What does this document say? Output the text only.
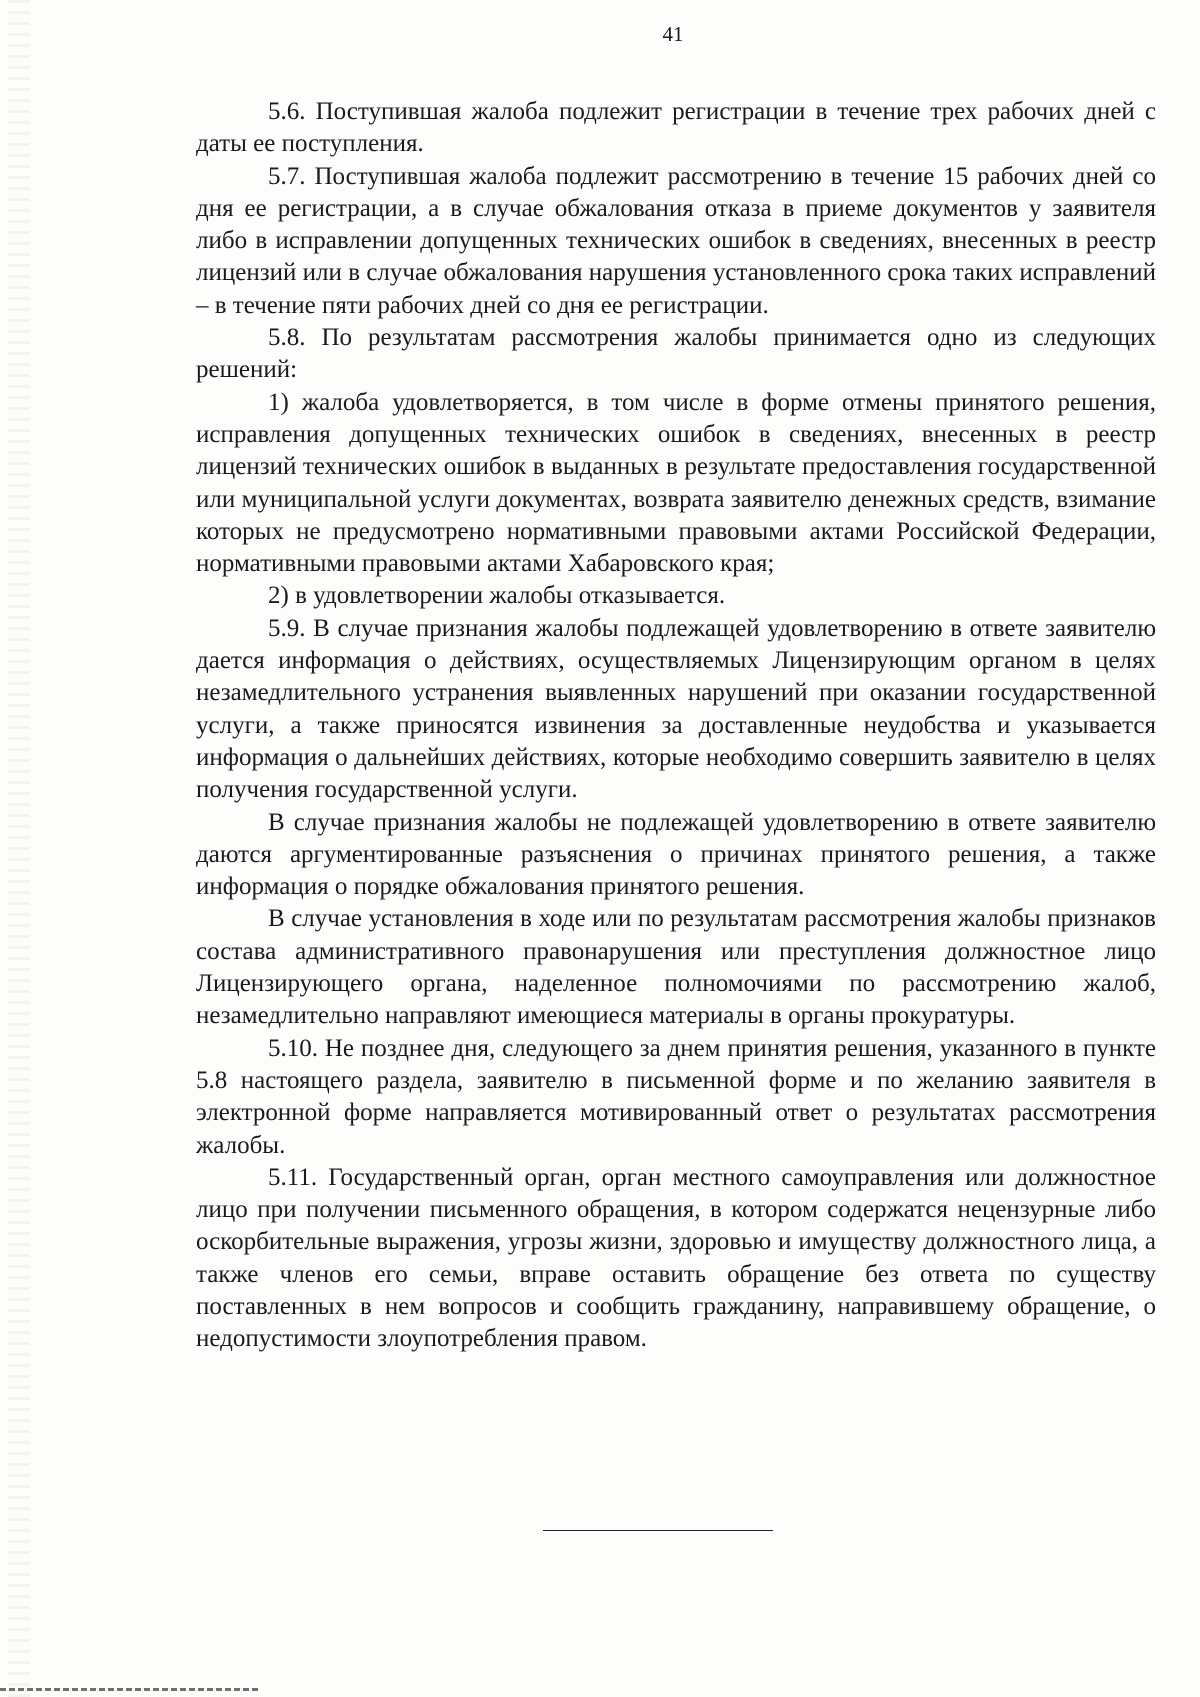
41

5.6. Поступившая жалоба подлежит регистрации в течение трех рабочих дней с даты ее поступления.

5.7. Поступившая жалоба подлежит рассмотрению в течение 15 рабочих дней со дня ее регистрации, а в случае обжалования отказа в приеме документов у заявителя либо в исправлении допущенных технических ошибок в сведениях, внесенных в реестр лицензий или в случае обжалования нарушения установленного срока таких исправлений – в течение пяти рабочих дней со дня ее регистрации.

5.8. По результатам рассмотрения жалобы принимается одно из следующих решений:

1) жалоба удовлетворяется, в том числе в форме отмены принятого решения, исправления допущенных технических ошибок в сведениях, внесенных в реестр лицензий технических ошибок в выданных в результате предоставления государственной или муниципальной услуги документах, возврата заявителю денежных средств, взимание которых не предусмотрено нормативными правовыми актами Российской Федерации, нормативными правовыми актами Хабаровского края;

2) в удовлетворении жалобы отказывается.

5.9. В случае признания жалобы подлежащей удовлетворению в ответе заявителю дается информация о действиях, осуществляемых Лицензирующим органом в целях незамедлительного устранения выявленных нарушений при оказании государственной услуги, а также приносятся извинения за доставленные неудобства и указывается информация о дальнейших действиях, которые необходимо совершить заявителю в целях получения государственной услуги.

В случае признания жалобы не подлежащей удовлетворению в ответе заявителю даются аргументированные разъяснения о причинах принятого решения, а также информация о порядке обжалования принятого решения.

В случае установления в ходе или по результатам рассмотрения жалобы признаков состава административного правонарушения или преступления должностное лицо Лицензирующего органа, наделенное полномочиями по рассмотрению жалоб, незамедлительно направляют имеющиеся материалы в органы прокуратуры.

5.10. Не позднее дня, следующего за днем принятия решения, указанного в пункте 5.8 настоящего раздела, заявителю в письменной форме и по желанию заявителя в электронной форме направляется мотивированный ответ о результатах рассмотрения жалобы.

5.11. Государственный орган, орган местного самоуправления или должностное лицо при получении письменного обращения, в котором содержатся нецензурные либо оскорбительные выражения, угрозы жизни, здоровью и имуществу должностного лица, а также членов его семьи, вправе оставить обращение без ответа по существу поставленных в нем вопросов и сообщить гражданину, направившему обращение, о недопустимости злоупотребления правом.
